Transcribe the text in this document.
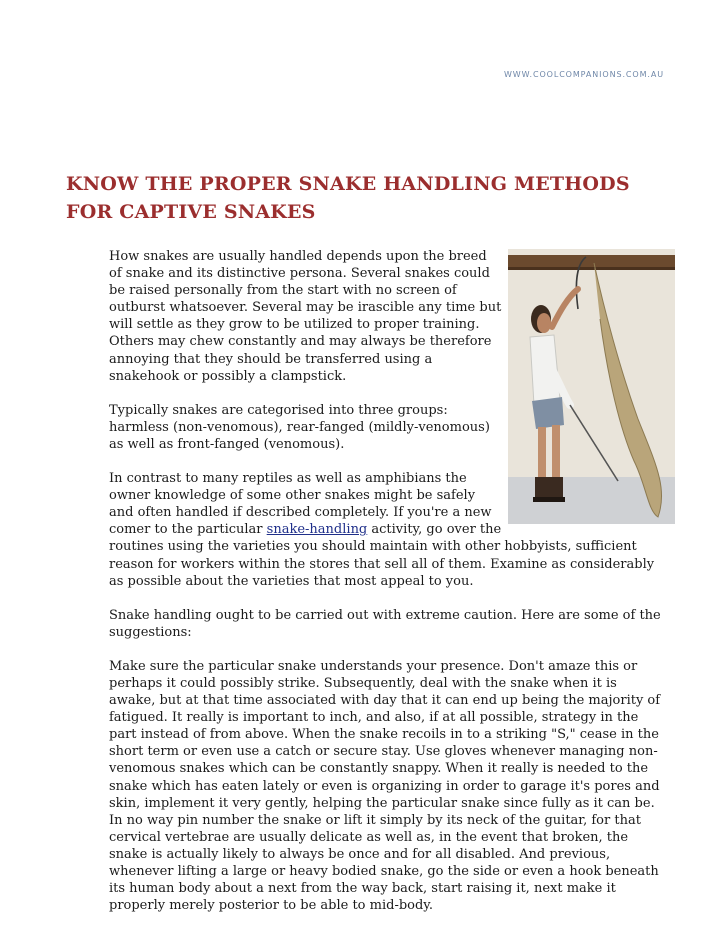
WWW.COOLCOMPANIONS.COM.AU
KNOW THE PROPER SNAKE HANDLING METHODS FOR CAPTIVE SNAKES

How snakes are usually handled depends upon the breed of snake and its distinctive persona. Several snakes could be raised personally from the start with no screen of outburst whatsoever. Several may be irascible any time but will settle as they grow to be utilized to proper training. Others may chew constantly and may always be therefore annoying that they should be transferred using a snakehook or possibly a clampstick.

Typically snakes are categorised into three groups: harmless (non-venomous), rear-fanged (mildly-venomous) as well as front-fanged (venomous).

In contrast to many reptiles as well as amphibians the owner knowledge of some other snakes might be safely and often handled if described completely. If you're a new comer to the particular snake-handling activity, go over the routines using the varieties you should maintain with other hobbyists, sufficient reason for workers within the stores that sell all of them. Examine as considerably as possible about the varieties that most appeal to you.

Snake handling ought to be carried out with extreme caution. Here are some of the suggestions:

Make sure the particular snake understands your presence. Don't amaze this or perhaps it could possibly strike. Subsequently, deal with the snake when it is awake, but at that time associated with day that it can end up being the majority of fatigued. It really is important to inch, and also, if at all possible, strategy in the part instead of from above. When the snake recoils in to a striking "S," cease in the short term or even use a catch or secure stay. Use gloves whenever managing non-venomous snakes which can be constantly snappy. When it really is needed to the snake which has eaten lately or even is organizing in order to garage it's pores and skin, implement it very gently, helping the particular snake since fully as it can be. In no way pin number the snake or lift it simply by its neck of the guitar, for that cervical vertebrae are usually delicate as well as, in the event that broken, the snake is actually likely to always be once and for all disabled. And previous, whenever lifting a large or heavy bodied snake, go the side or even a hook beneath its human body about a next from the way back, start raising it, next make it properly merely posterior to be able to mid-body.
